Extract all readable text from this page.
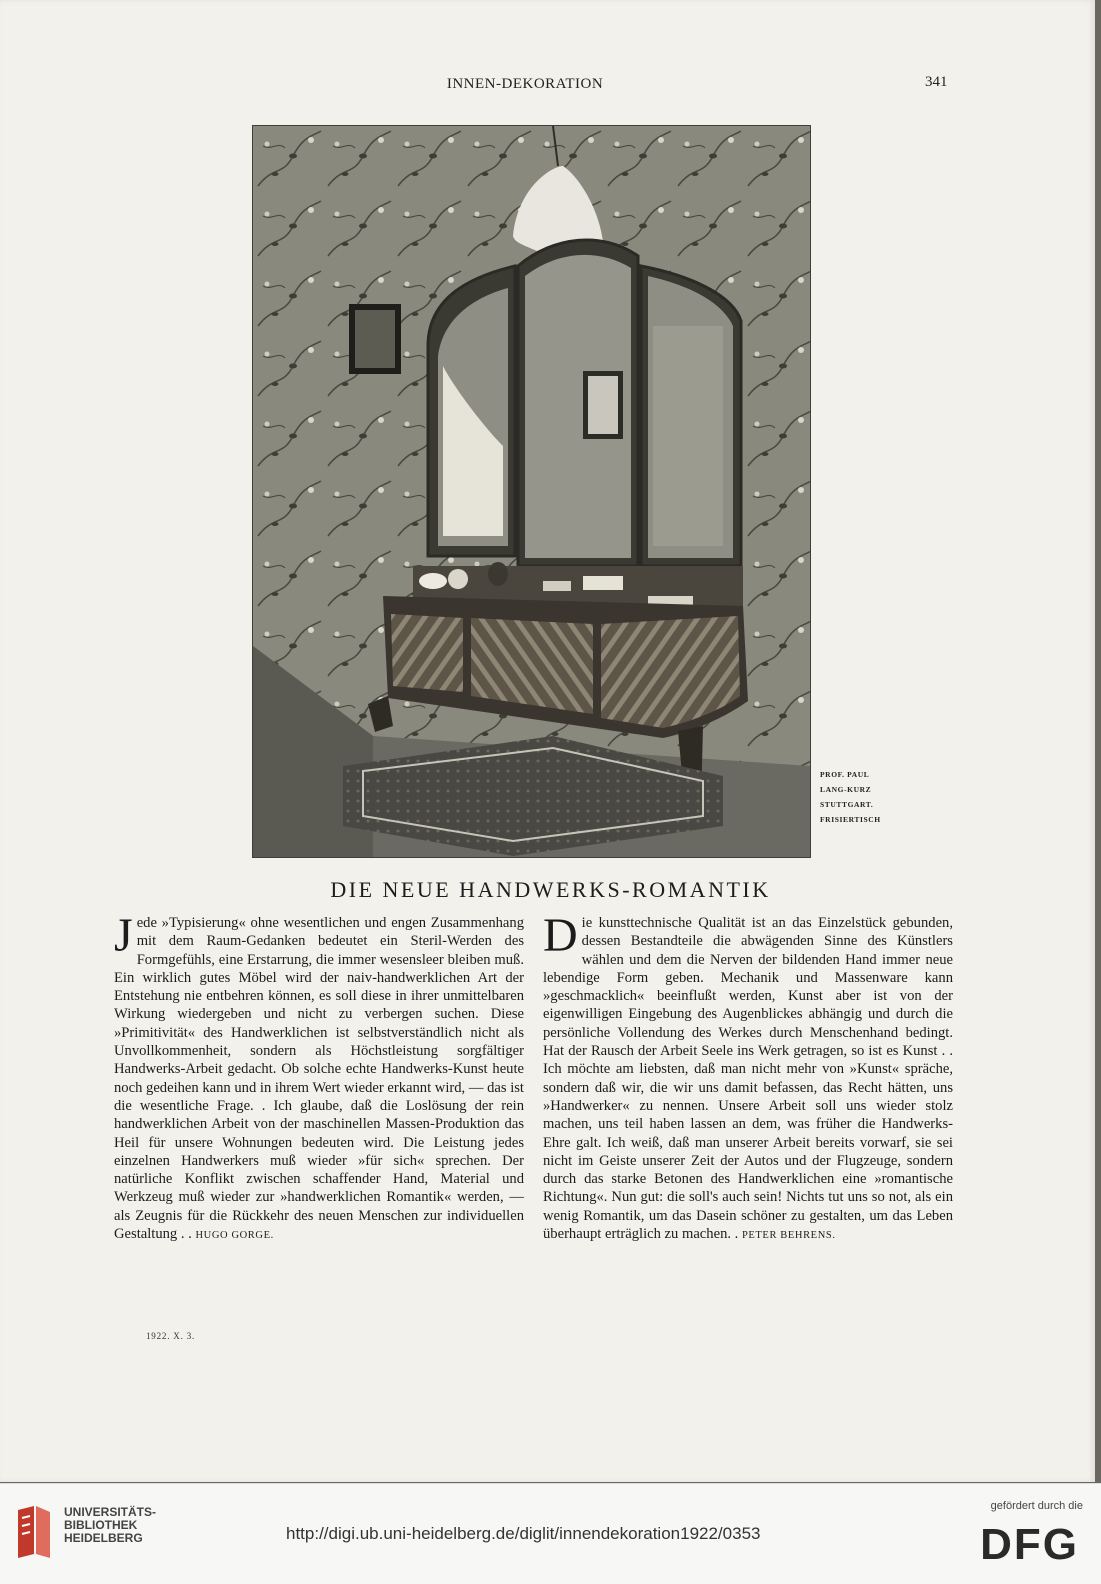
INNEN-DEKORATION	341
PROF. PAUL
LANG-KURZ
STUTTGART.
FRISIERTISCH
DIE NEUE HANDWERKS-ROMANTIK

J ede »Typisierung« ohne wesentlichen und engen Zusammenhang mit dem Raum-Gedanken bedeutet ein Steril-Werden des Formgefühls, eine Erstarrung, die immer wesensleer bleiben muß. Ein wirklich gutes Möbel wird der naiv-handwerklichen Art der Entstehung nie entbehren können, es soll diese in ihrer unmittelbaren Wirkung wiedergeben und nicht zu verbergen suchen. Diese »Primitivität« des Handwerklichen ist selbstverständlich nicht als Unvollkommenheit, sondern als Höchstleistung sorgfältiger Handwerks-Arbeit gedacht. Ob solche echte Handwerks-Kunst heute noch gedeihen kann und in ihrem Wert wieder erkannt wird, — das ist die wesentliche Frage. . Ich glaube, daß die Loslösung der rein handwerklichen Arbeit von der maschinellen Massen-Produktion das Heil für unsere Wohnungen bedeuten wird. Die Leistung jedes einzelnen Handwerkers muß wieder »für sich« sprechen. Der natürliche Konflikt zwischen schaffender Hand, Material und Werkzeug muß wieder zur »handwerklichen Romantik« werden, — als Zeugnis für die Rückkehr des neuen Menschen zur individuellen Gestaltung . . HUGO GORGE.

D ie kunsttechnische Qualität ist an das Einzelstück gebunden, dessen Bestandteile die abwägenden Sinne des Künstlers wählen und dem die Nerven der bildenden Hand immer neue lebendige Form geben. Mechanik und Massenware kann »geschmacklich« beeinflußt werden, Kunst aber ist von der eigenwilligen Eingebung des Augenblickes abhängig und durch die persönliche Vollendung des Werkes durch Menschenhand bedingt. Hat der Rausch der Arbeit Seele ins Werk getragen, so ist es Kunst . . Ich möchte am liebsten, daß man nicht mehr von »Kunst« spräche, sondern daß wir, die wir uns damit befassen, das Recht hätten, uns »Handwerker« zu nennen. Unsere Arbeit soll uns wieder stolz machen, uns teil haben lassen an dem, was früher die Handwerks-Ehre galt. Ich weiß, daß man unserer Arbeit bereits vorwarf, sie sei nicht im Geiste unserer Zeit der Autos und der Flugzeuge, sondern durch das starke Betonen des Handwerklichen eine »romantische Richtung«. Nun gut: die soll's auch sein! Nichts tut uns so not, als ein wenig Romantik, um das Dasein schöner zu gestalten, um das Leben überhaupt erträglich zu machen. . PETER BEHRENS.

1922. X. 3.
UNIVERSITÄTS-
BIBLIOTHEK
HEIDELBERG	http://digi.ub.uni-heidelberg.de/diglit/innendekoration1922/0353
gefördert durch die
DFG
